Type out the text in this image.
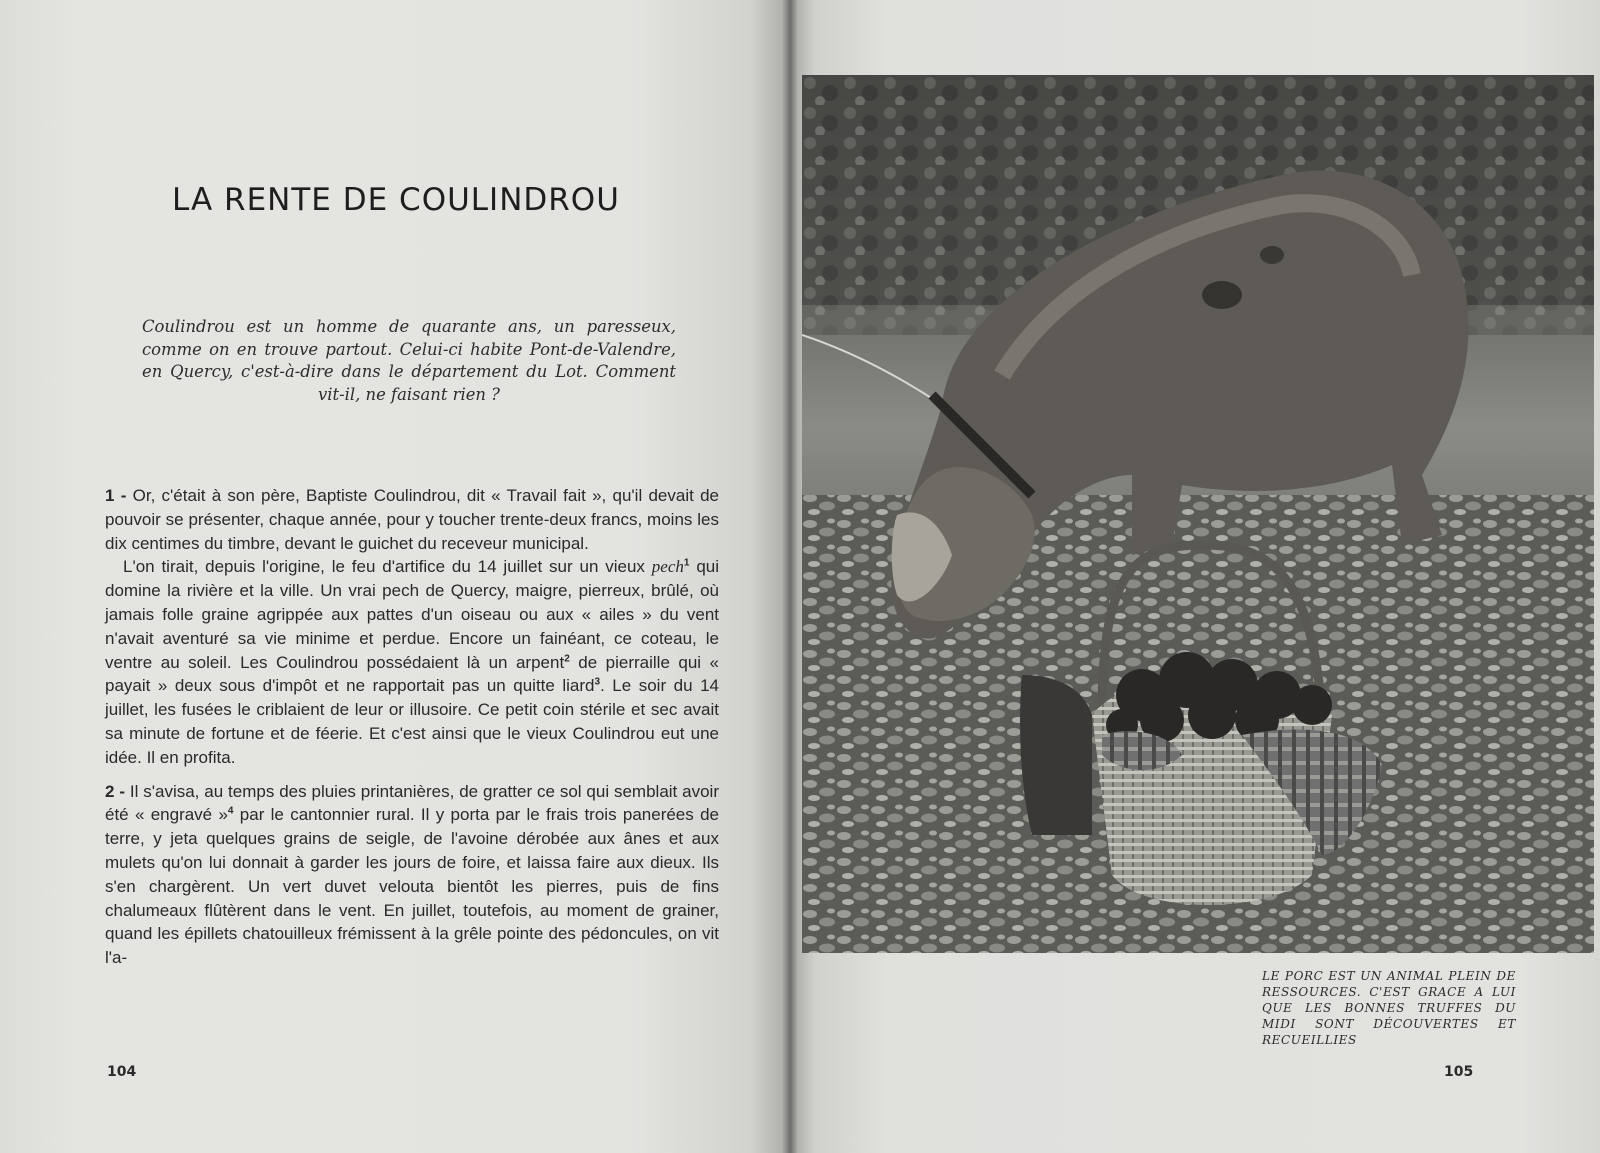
LA RENTE DE COULINDROU
Coulindrou est un homme de quarante ans, un paresseux, comme on en trouve partout. Celui-ci habite Pont-de-Valendre, en Quercy, c'est-à-dire dans le département du Lot. Comment vit-il, ne faisant rien ?

1 - Or, c'était à son père, Baptiste Coulindrou, dit « Travail fait », qu'il devait de pouvoir se présenter, chaque année, pour y toucher trente-deux francs, moins les dix centimes du timbre, devant le guichet du receveur municipal.

L'on tirait, depuis l'origine, le feu d'artifice du 14 juillet sur un vieux pech$^1$ qui domine la rivière et la ville. Un vrai pech de Quercy, maigre, pierreux, brûlé, où jamais folle graine agrippée aux pattes d'un oiseau ou aux « ailes » du vent n'avait aventuré sa vie minime et perdue. Encore un fainéant, ce coteau, le ventre au soleil. Les Coulindrou possédaient là un arpent$^2$ de pierraille qui « payait » deux sous d'impôt et ne rapportait pas un quitte liard$^3$. Le soir du 14 juillet, les fusées le criblaient de leur or illusoire. Ce petit coin stérile et sec avait sa minute de fortune et de féerie. Et c'est ainsi que le vieux Coulindrou eut une idée. Il en profita.

2 - Il s'avisa, au temps des pluies printanières, de gratter ce sol qui semblait avoir été « engravé »$^4$ par le cantonnier rural. Il y porta par le frais trois panerées de terre, y jeta quelques grains de seigle, de l'avoine dérobée aux ânes et aux mulets qu'on lui donnait à garder les jours de foire, et laissa faire aux dieux. Ils s'en chargèrent. Un vert duvet velouta bientôt les pierres, puis de fins chalumeaux flûtèrent dans le vent. En juillet, toutefois, au moment de grainer, quand les épillets chatouilleux frémissent à la grêle pointe des pédoncules, on vit l'a-

104
LE PORC EST UN ANIMAL PLEIN DE RESSOURCES. C'EST GRACE A LUI QUE LES BONNES TRUFFES DU MIDI SONT DÉCOUVERTES ET RECUEILLIES
105
